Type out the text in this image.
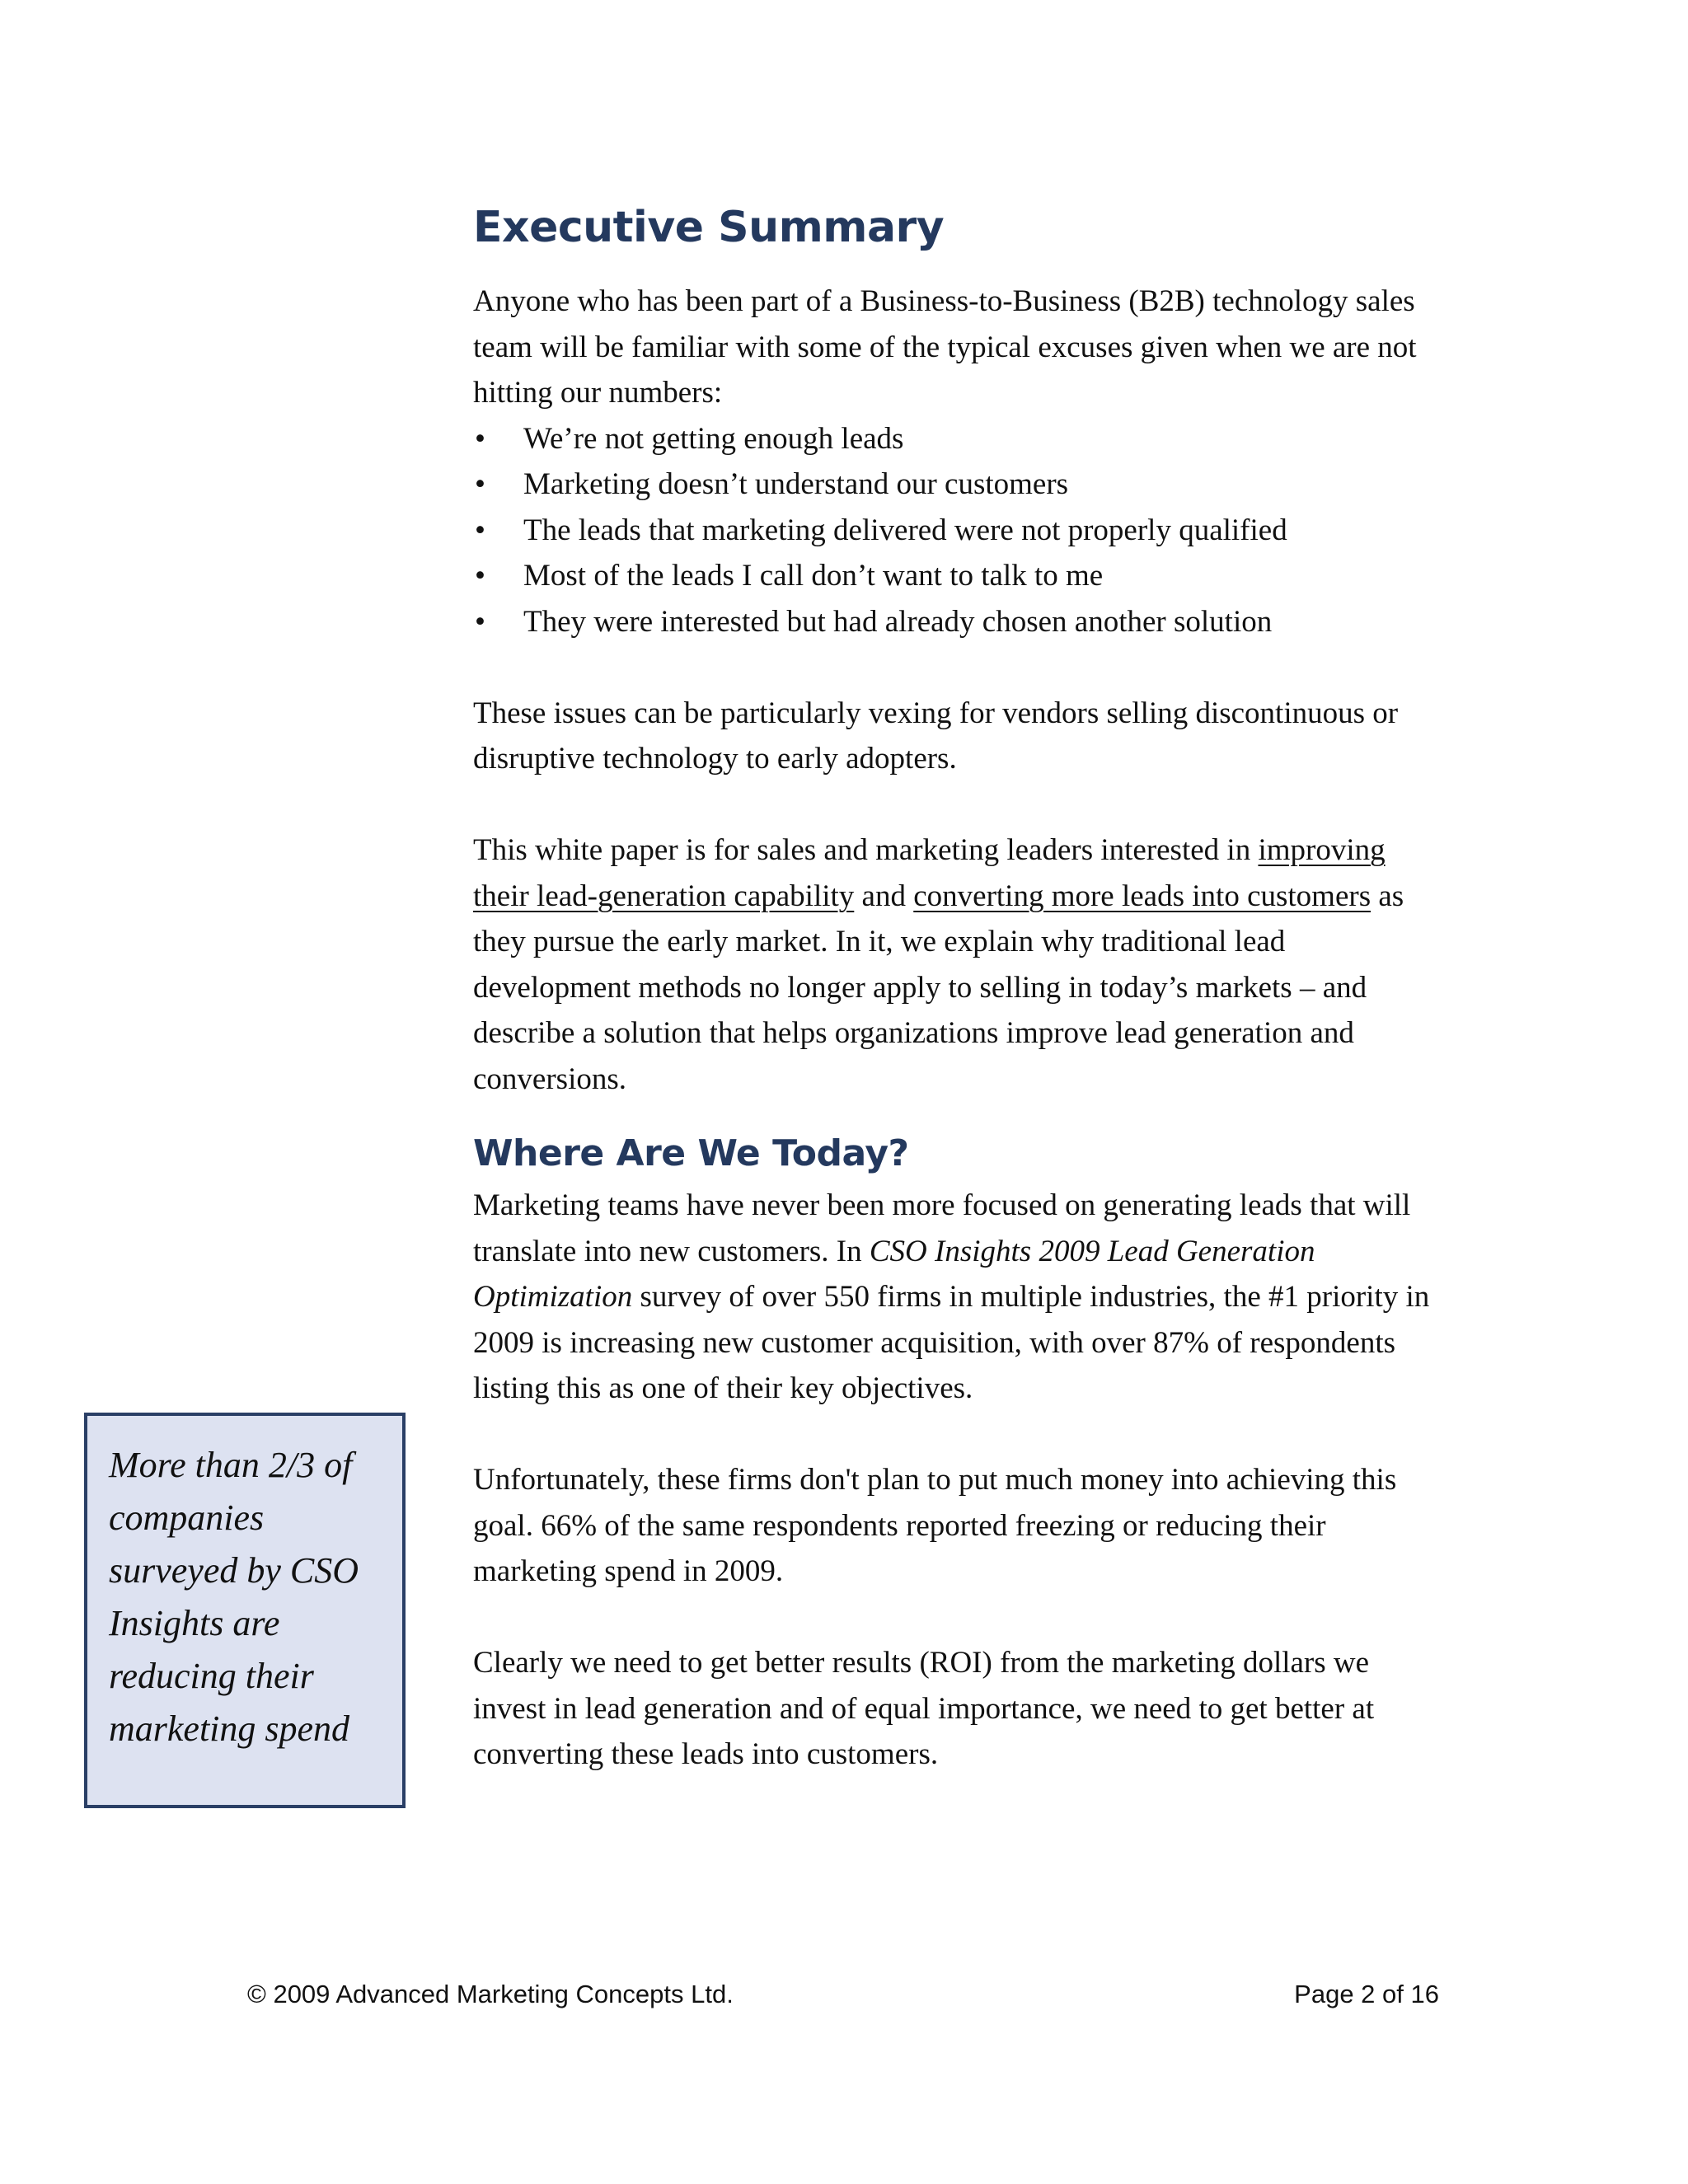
Executive Summary

Anyone who has been part of a Business-to-Business (B2B) technology sales team will be familiar with some of the typical excuses given when we are not hitting our numbers:

• We’re not getting enough leads
• Marketing doesn’t understand our customers
• The leads that marketing delivered were not properly qualified
• Most of the leads I call don’t want to talk to me
• They were interested but had already chosen another solution

These issues can be particularly vexing for vendors selling discontinuous or disruptive technology to early adopters.

This white paper is for sales and marketing leaders interested in improving their lead-generation capability and converting more leads into customers as they pursue the early market. In it, we explain why traditional lead development methods no longer apply to selling in today’s markets – and describe a solution that helps organizations improve lead generation and conversions.

Where Are We Today?

Marketing teams have never been more focused on generating leads that will translate into new customers. In CSO Insights 2009 Lead Generation Optimization survey of over 550 firms in multiple industries, the #1 priority in 2009 is increasing new customer acquisition, with over 87% of respondents listing this as one of their key objectives.

Unfortunately, these firms don't plan to put much money into achieving this goal. 66% of the same respondents reported freezing or reducing their marketing spend in 2009.

Clearly we need to get better results (ROI) from the marketing dollars we invest in lead generation and of equal importance, we need to get better at converting these leads into customers.

More than 2/3 of companies surveyed by CSO Insights are reducing their marketing spend

© 2009 Advanced Marketing Concepts Ltd.	Page 2 of 16
